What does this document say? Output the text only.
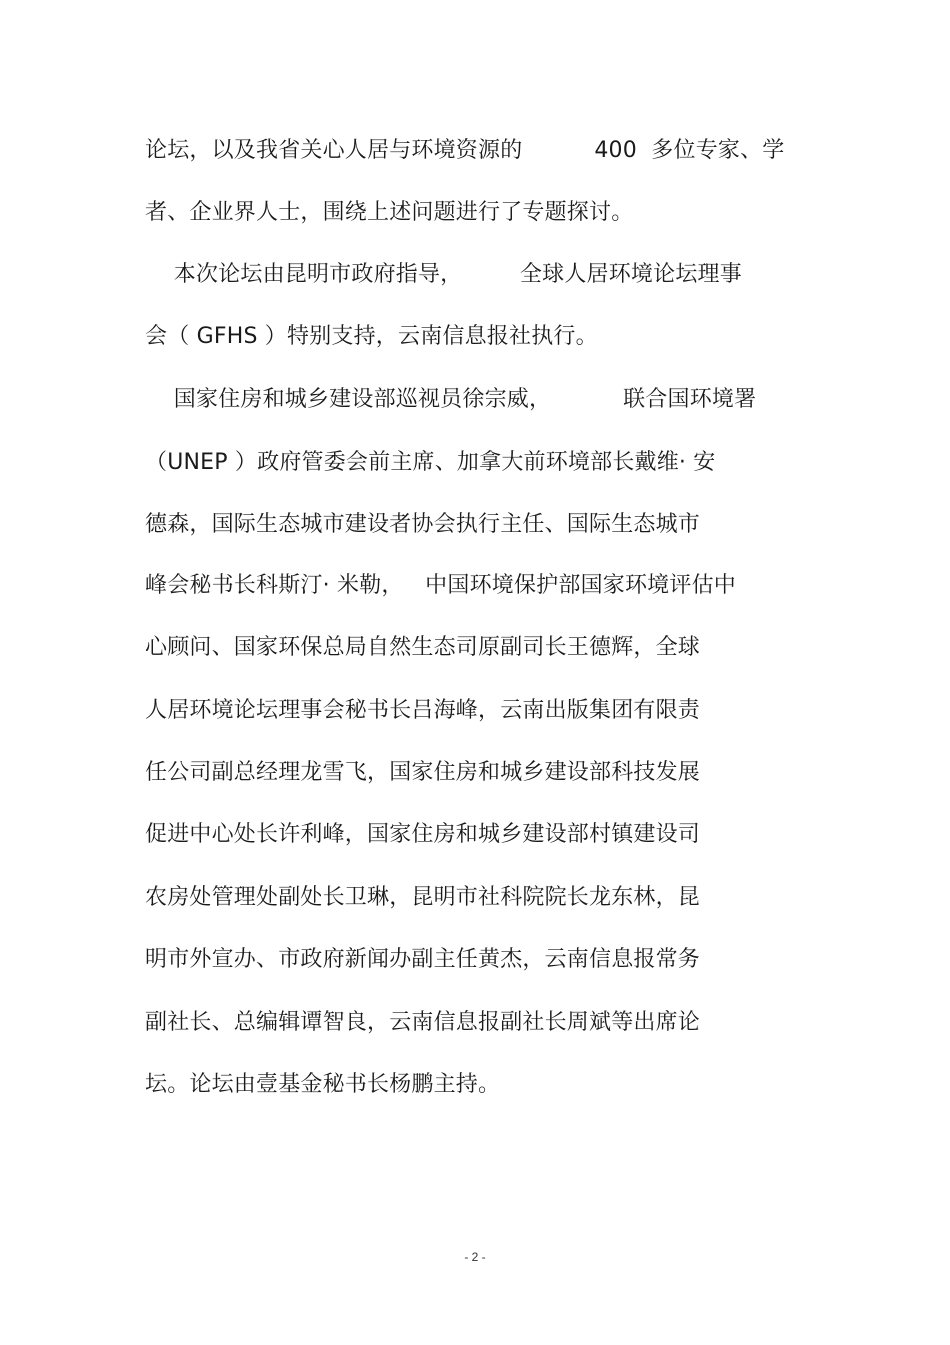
论坛，以及我省关心人居与环境资源的          400  多位专家、学
者、企业界人士，围绕上述问题进行了专题探讨。
本次论坛由昆明市政府指导，        全球人居环境论坛理事
会（ GFHS ）特别支持，云南信息报社执行。
国家住房和城乡建设部巡视员徐宗威，          联合国环境署
（UNEP ）政府管委会前主席、加拿大前环境部长戴维· 安
德森，国际生态城市建设者协会执行主任、国际生态城市
峰会秘书长科斯汀· 米勒，   中国环境保护部国家环境评估中
心顾问、国家环保总局自然生态司原副司长王德辉，全球
人居环境论坛理事会秘书长吕海峰，云南出版集团有限责
任公司副总经理龙雪飞，国家住房和城乡建设部科技发展
促进中心处长许利峰，国家住房和城乡建设部村镇建设司
农房处管理处副处长卫琳，昆明市社科院院长龙东林，昆
明市外宣办、市政府新闻办副主任黄杰，云南信息报常务
副社长、总编辑谭智良，云南信息报副社长周斌等出席论
坛。论坛由壹基金秘书长杨鹏主持。
- 2 -
